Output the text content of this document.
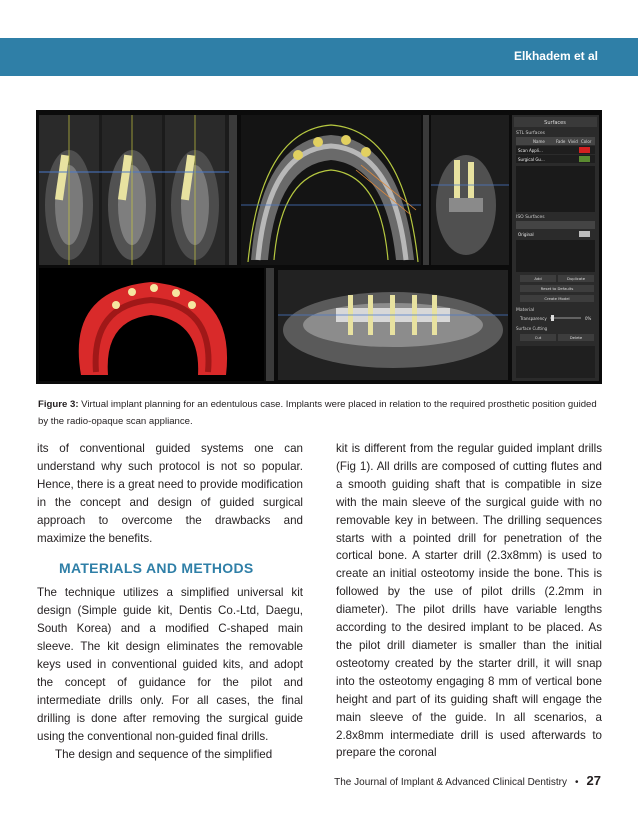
Elkhadem et al
Surfaces
STL Surfaces
Name	Fade Vivid Color
Scan Appli...
Surgical Gu...
ISO Surfaces
Original
Add	Duplicate
Reset to Defaults
Create Model
Material
Transparency	0%
Surface Cutting
Cut	Delete
Figure 3: Virtual implant planning for an edentulous case. Implants were placed in relation to the required prosthetic position guided by the radio-opaque scan appliance.

its of conventional guided systems one can understand why such protocol is not so popular. Hence, there is a great need to provide modification in the concept and design of guided surgical approach to overcome the drawbacks and maximize the benefits.

MATERIALS AND METHODS

The technique utilizes a simplified universal kit design (Simple guide kit, Dentis Co.-Ltd, Daegu, South Korea) and a modified C-shaped main sleeve. The kit design eliminates the removable keys used in conventional guided kits, and adopt the concept of guidance for the pilot and intermediate drills only. For all cases, the final drilling is done after removing the surgical guide using the conventional non-guided final drills.

The design and sequence of the simplified

kit is different from the regular guided implant drills (Fig 1). All drills are composed of cutting flutes and a smooth guiding shaft that is compatible in size with the main sleeve of the surgical guide with no removable key in between. The drilling sequences starts with a pointed drill for penetration of the cortical bone. A starter drill (2.3x8mm) is used to create an initial osteotomy inside the bone. This is followed by the use of pilot drills (2.2mm in diameter). The pilot drills have variable lengths according to the desired implant to be placed. As the pilot drill diameter is smaller than the initial osteotomy created by the starter drill, it will snap into the osteotomy engaging 8 mm of vertical bone height and part of its guiding shaft will engage the main sleeve of the guide. In all scenarios, a 2.8x8mm intermediate drill is used afterwards to prepare the coronal

The Journal of Implant & Advanced Clinical Dentistry • 27
